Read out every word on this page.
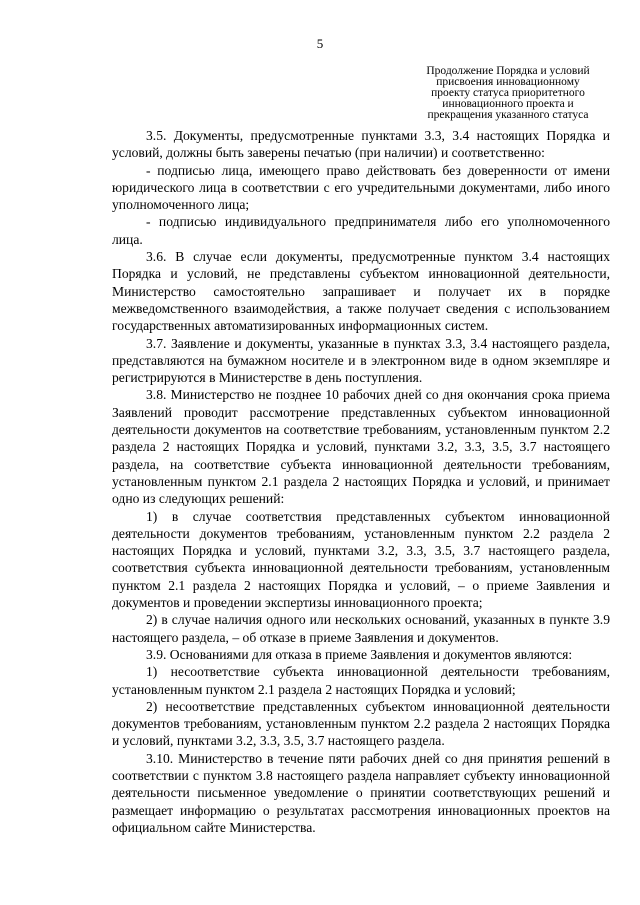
5
Продолжение Порядка и условий
присвоения инновационному
проекту статуса приоритетного
инновационного проекта и
прекращения указанного статуса

3.5. Документы, предусмотренные пунктами 3.3, 3.4 настоящих Порядка и условий, должны быть заверены печатью (при наличии) и соответственно:

- подписью лица, имеющего право действовать без доверенности от имени юридического лица в соответствии с его учредительными документами, либо иного уполномоченного лица;

- подписью индивидуального предпринимателя либо его уполномоченного лица.

3.6. В случае если документы, предусмотренные пунктом 3.4 настоящих Порядка и условий, не представлены субъектом инновационной деятельности, Министерство самостоятельно запрашивает и получает их в порядке межведомственного взаимодействия, а также получает сведения с использованием государственных автоматизированных информационных систем.

3.7. Заявление и документы, указанные в пунктах 3.3, 3.4 настоящего раздела, представляются на бумажном носителе и в электронном виде в одном экземпляре и регистрируются в Министерстве в день поступления.

3.8. Министерство не позднее 10 рабочих дней со дня окончания срока приема Заявлений проводит рассмотрение представленных субъектом инновационной деятельности документов на соответствие требованиям, установленным пунктом 2.2 раздела 2 настоящих Порядка и условий, пунктами 3.2, 3.3, 3.5, 3.7 настоящего раздела, на соответствие субъекта инновационной деятельности требованиям, установленным пунктом 2.1 раздела 2 настоящих Порядка и условий, и принимает одно из следующих решений:

1) в случае соответствия представленных субъектом инновационной деятельности документов требованиям, установленным пунктом 2.2 раздела 2 настоящих Порядка и условий, пунктами 3.2, 3.3, 3.5, 3.7 настоящего раздела, соответствия субъекта инновационной деятельности требованиям, установленным пунктом 2.1 раздела 2 настоящих Порядка и условий, – о приеме Заявления и документов и проведении экспертизы инновационного проекта;

2) в случае наличия одного или нескольких оснований, указанных в пункте 3.9 настоящего раздела, – об отказе в приеме Заявления и документов.

3.9. Основаниями для отказа в приеме Заявления и документов являются:

1) несоответствие субъекта инновационной деятельности требованиям, установленным пунктом 2.1 раздела 2 настоящих Порядка и условий;

2) несоответствие представленных субъектом инновационной деятельности документов требованиям, установленным пунктом 2.2 раздела 2 настоящих Порядка и условий, пунктами 3.2, 3.3, 3.5, 3.7 настоящего раздела.

3.10. Министерство в течение пяти рабочих дней со дня принятия решений в соответствии с пунктом 3.8 настоящего раздела направляет субъекту инновационной деятельности письменное уведомление о принятии соответствующих решений и размещает информацию о результатах рассмотрения инновационных проектов на официальном сайте Министерства.
